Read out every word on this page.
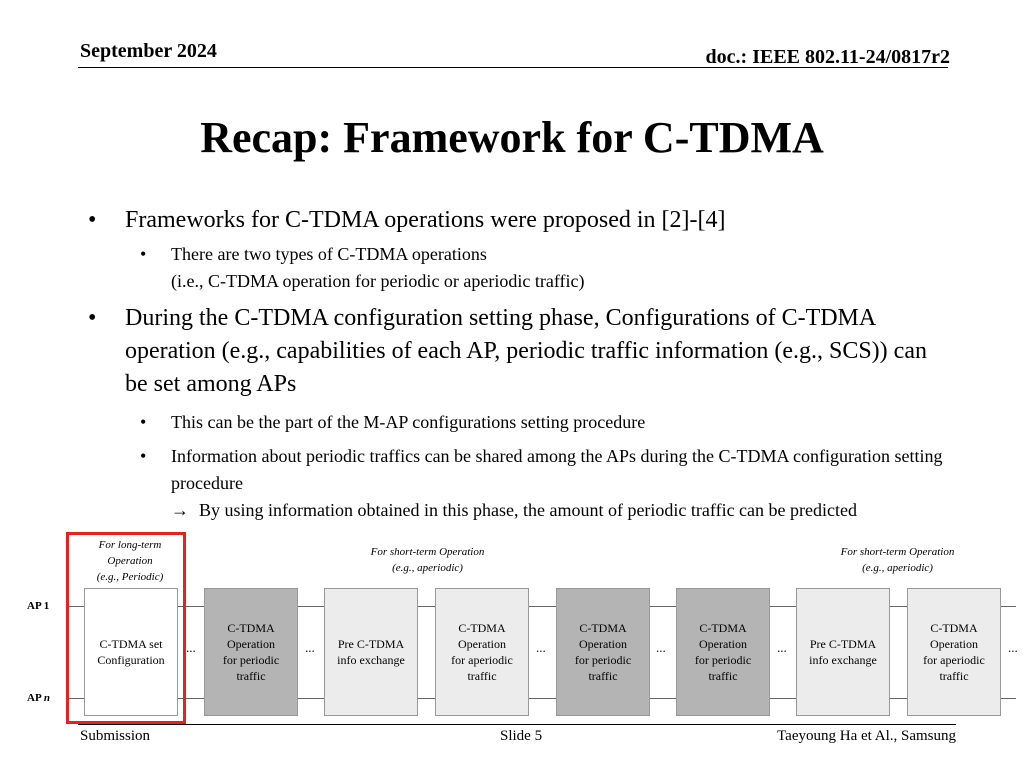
September 2024	doc.: IEEE 802.11-24/0817r2
Recap: Framework for C-TDMA
• Frameworks for C-TDMA operations were proposed in [2]-[4]
• There are two types of C-TDMA operations
(i.e., C-TDMA operation for periodic or aperiodic traffic)
• During the C-TDMA configuration setting phase, Configurations of C-TDMA operation (e.g., capabilities of each AP, periodic traffic information (e.g., SCS)) can be set among APs
• This can be the part of the M-AP configurations setting procedure
• Information about periodic traffics can be shared among the APs during the C-TDMA configuration setting procedure
→ By using information obtained in this phase, the amount of periodic traffic can be predicted
For long-term
Operation
(e.g., Periodic)
For short-term Operation
(e.g., aperiodic)
For short-term Operation
(e.g., aperiodic)
AP 1
AP n
C-TDMA set
Configuration
...
C-TDMA
Operation
for periodic
traffic
... Pre C-TDMA
info exchange
C-TDMA
Operation
for aperiodic
traffic
...
C-TDMA
Operation
for periodic
traffic
...
C-TDMA
Operation
for periodic
traffic
... Pre C-TDMA
info exchange
C-TDMA
Operation
for aperiodic
traffic
...
Submission	Slide 5	Taeyoung Ha et Al., Samsung
